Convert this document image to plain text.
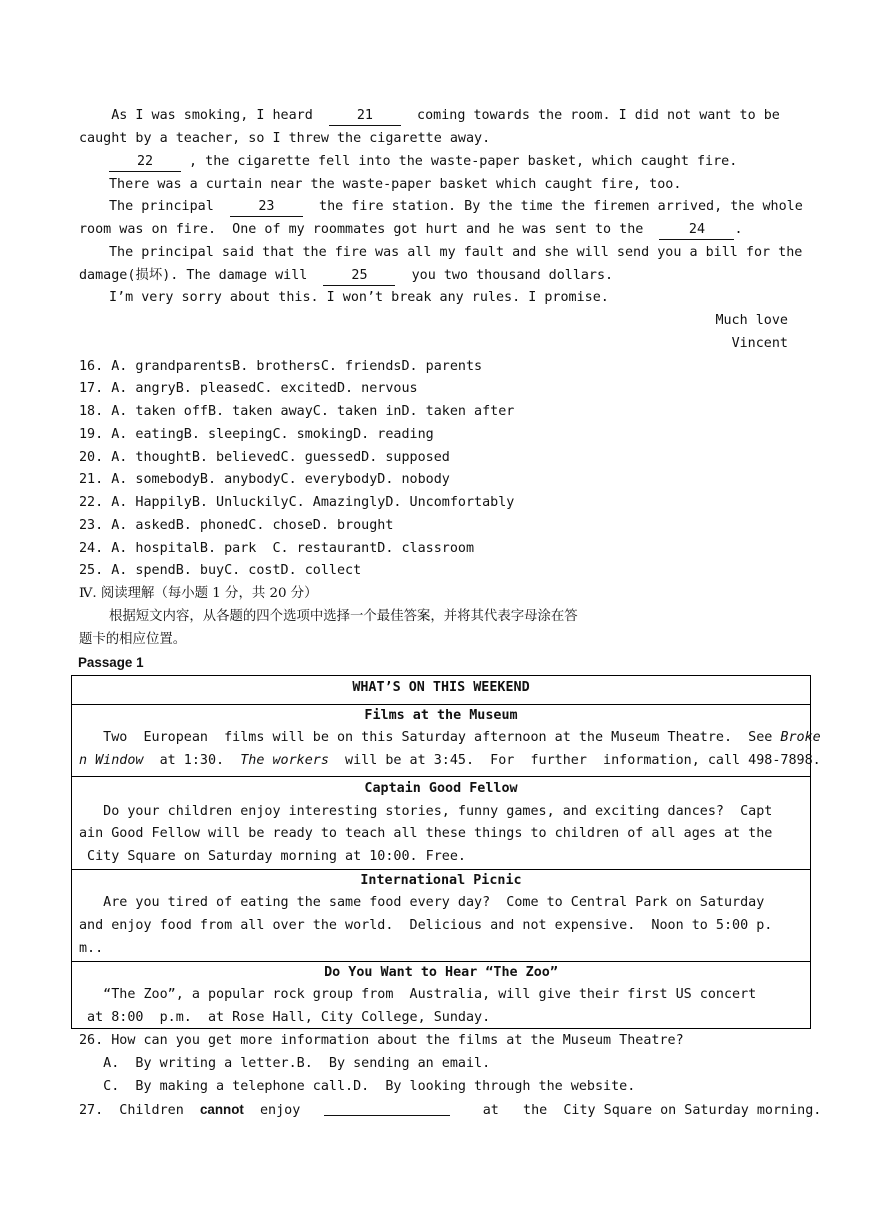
As I was smoking, I heard  21  coming towards the room. I did not want to be
caught by a teacher, so I threw the cigarette away.
22 , the cigarette fell into the waste-paper basket, which caught fire.
There was a curtain near the waste-paper basket which caught fire, too.
The principal  23  the fire station. By the time the firemen arrived, the whole
room was on fire.  One of my roommates got hurt and he was sent to the  24 .
The principal said that the fire was all my fault and she will send you a bill for the
damage(损坏). The damage will  25  you two thousand dollars.
I’m very sorry about this. I won’t break any rules. I promise.
Much love
Vincent
16. A. grandparentsB. brothersC. friendsD. parents
17. A. angryB. pleasedC. excitedD. nervous
18. A. taken offB. taken awayC. taken inD. taken after
19. A. eatingB. sleepingC. smokingD. reading
20. A. thoughtB. believedC. guessedD. supposed
21. A. somebodyB. anybodyC. everybodyD. nobody
22. A. HappilyB. UnluckilyC. AmazinglyD. Uncomfortably
23. A. askedB. phonedC. choseD. brought
24. A. hospitalB. park  C. restaurantD. classroom
25. A. spendB. buyC. costD. collect
Ⅳ. 阅读理解（每小题 1 分，共 20 分）
根据短文内容，从各题的四个选项中选择一个最佳答案，并将其代表字母涂在答
题卡的相应位置。
Passage 1
WHAT’S ON THIS WEEKEND
Films at the Museum
Two  European  films will be on this Saturday afternoon at the Museum Theatre.  See Broke
n Window  at 1:30.  The workers  will be at 3:45.  For  further  information, call 498-7898.
Captain Good Fellow
Do your children enjoy interesting stories, funny games, and exciting dances?  Capt
ain Good Fellow will be ready to teach all these things to children of all ages at the
City Square on Saturday morning at 10:00. Free.
International Picnic
Are you tired of eating the same food every day?  Come to Central Park on Saturday
and enjoy food from all over the world.  Delicious and not expensive.  Noon to 5:00 p.
m..
Do You Want to Hear “The Zoo”
“The Zoo”, a popular rock group from  Australia, will give their first US concert
at 8:00  p.m.  at Rose Hall, City College, Sunday.
26. How can you get more information about the films at the Museum Theatre?
A.  By writing a letter.B.  By sending an email.
C.  By making a telephone call.D.  By looking through the website.
27.  Children  cannot  enjoy	at   the  City Square on Saturday morning.
